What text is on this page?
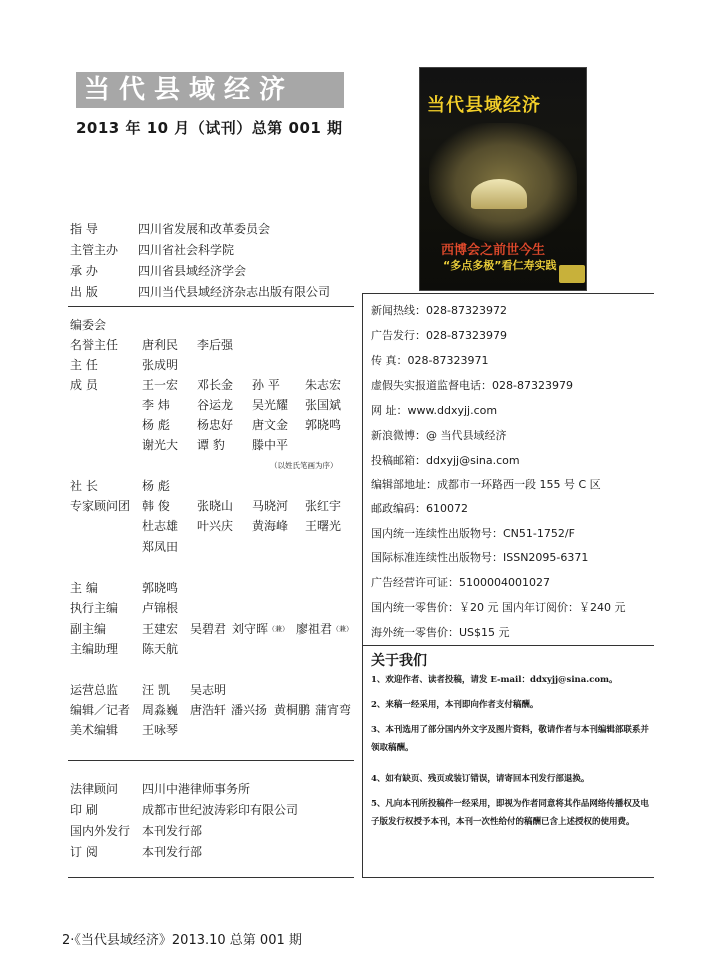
当代县域经济
2013 年 10 月（试刊）总第 001 期
当代县域经济
西博会之前世今生
“多点多极”看仁寿实践
指 导	四川省发展和改革委员会
主管主办 四川省社会科学院
承 办	四川省县域经济学会
出 版	四川当代县域经济杂志出版有限公司
编委会
名誉主任 唐利民 李后强
主 任	张成明
成 员	王一宏 邓长金 孙 平 朱志宏
李 炜 谷运龙 吴光耀 张国斌
杨 彪 杨忠好 唐文金 郭晓鸣
谢光大 谭 豹 滕中平
（以姓氏笔画为序）
社 长	杨 彪
专家顾问团 韩 俊 张晓山 马晓河 张红宇
杜志雄 叶兴庆 黄海峰 王曙光
郑凤田
主 编	郭晓鸣
执行主编 卢锦根
副主编	王建宏 吴碧君 刘守晖$^{(兼)}$ 廖祖君$^{(兼)}$
主编助理 陈天航
运营总监 汪 凯 吴志明
编辑／记者 周淼巍 唐浩轩 潘兴扬 黄桐鹏 蒲宵弯
美术编辑 王咏琴
法律顾问 四川中港律师事务所
印 刷	成都市世纪波涛彩印有限公司
国内外发行 本刊发行部
订 阅	本刊发行部
新闻热线：028-87323972
广告发行：028-87323979
传 真：028-87323971
虚假失实报道监督电话：028-87323979
网 址：www.ddxyjj.com
新浪微博：@ 当代县域经济
投稿邮箱：ddxyjj@sina.com
编辑部地址：成都市一环路西一段 155 号 C 区
邮政编码：610072
国内统一连续性出版物号：CN51-1752/F
国际标准连续性出版物号：ISSN2095-6371
广告经营许可证：5100004001027
国内统一零售价：￥20 元 国内年订阅价：￥240 元
海外统一零售价：US$15 元
关于我们
1、欢迎作者、读者投稿，请发 E-mail：ddxyjj@sina.com。
2、来稿一经采用，本刊即向作者支付稿酬。
3、本刊选用了部分国内外文字及图片资料，敬请作者与本刊编辑部联系并领取稿酬。
4、如有缺页、残页或装订错误，请寄回本刊发行部退换。
5、凡向本刊所投稿件一经采用，即视为作者同意将其作品网络传播权及电子版发行权授予本刊，本刊一次性给付的稿酬已含上述授权的使用费。
2·《当代县域经济》2013.10 总第 001 期
